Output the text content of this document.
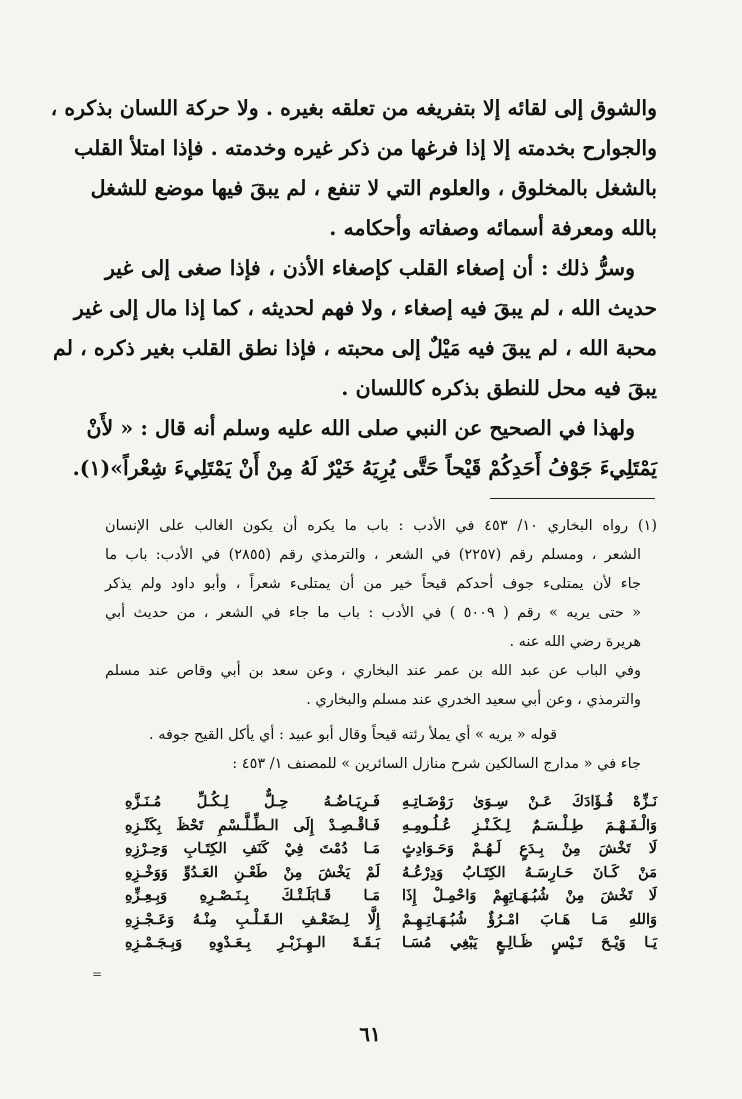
والشوق إلى لقائه إلا بتفريغه من تعلقه بغيره . ولا حركة اللسان بذكره ،
والجوارح بخدمته إلا إذا فرغها من ذكر غيره وخدمته . فإذا امتلأ القلب
بالشغل بالمخلوق ، والعلوم التي لا تنفع ، لم يبقَ فيها موضع للشغل
بالله ومعرفة أسمائه وصفاته وأحكامه .
وسرُّ ذلك : أن إصغاء القلب كإصغاء الأذن ، فإذا صغى إلى غير
حديث الله ، لم يبقَ فيه إصغاء ، ولا فهم لحديثه ، كما إذا مال إلى غير
محبة الله ، لم يبقَ فيه مَيْلٌ إلى محبته ، فإذا نطق القلب بغير ذكره ، لم
يبقَ فيه محل للنطق بذكره كاللسان .
ولهذا في الصحيح عن النبي صلى الله عليه وسلم أنه قال : « لأَنْ
يَمْتَلِيءَ جَوْفُ أَحَدِكُمْ قَيْحاً حَتَّى يُرِيَهُ خَيْرٌ لَهُ مِنْ أَنْ يَمْتَلِيءَ شِعْراً»(١).
(١) رواه البخاري ١٠/ ٤٥٣ في الأدب : باب ما يكره أن يكون الغالب على الإنسان
الشعر ، ومسلم رقم (٢٢٥٧) في الشعر ، والترمذي رقم (٢٨٥٥) في الأدب: باب ما
جاء لأن يمتلىء جوف أحدكم قيحاً خير من أن يمتلىء شعراً ، وأبو داود ولم يذكر
« حتى يريه » رقم ( ٥٠٠٩ ) في الأدب : باب ما جاء في الشعر ، من حديث أبي
هريرة رضي الله عنه .
وفي الباب عن عبد الله بن عمر عند البخاري ، وعن سعد بن أبي وقاص عند مسلم
والترمذي ، وعن أبي سعيد الخدري عند مسلم والبخاري .
قوله « يريه » أي يملأ رئته قيحاً وقال أبو عبيد : أي يأكل القيح جوفه .
جاء في « مدارج السالكين شرح منازل السائرين » للمصنف ١/ ٤٥٣ :
نَـزِّهْ فُـؤَادَكَ عَـنْ سِـوَىٰ رَوْضَـاتِـهِ
فَـرِيَـاضُـهُ حِـلٌّ لِـكُـلِّ مُـنَـزَّهِ
وَالْـفَـهْـمَ طِـلْـسَـمٌ لِـكَـنْـزِ عُـلُـومِـهِ
فَـاقْـصِـدْ إِلَى الـطِّـلَّـسْمِ تَحْظَ بِكَنْـزِهِ
لَا تَخْشَ مِنْ بِـدَعٍ لَـهُـمْ وَحَـوَادِثٍ
مَـا دُمْتَ فِيْ كَنَفِ الكِتَـابِ وَحِـرْزِهِ
مَنْ كَـانَ حَـارِسَـهُ الكِتَـابُ وَدِرْعُـهُ
لَمْ يَخْشَ مِنْ طَعْـنِ العَـدُوِّ وَوَخْـزِهِ
لَا تَخْشَ مِنْ شُبُـهَـاتِهِمْ وَاحْمِـلْ إِذَا
مَـا قَـابَلَـتْـكَ بِـنَـصْـرِهِ وَبِـعِـزِّهِ
وَاللهِ مَـا هَـابَ امْـرُؤٌ شُبُـهَـاتِـهِـمْ
إِلَّا لِـضَعْـفِ الـقَـلْـبِ مِنْـهُ وَعَـجْـزِهِ
يَـا وَيْـحَ تَـيْسٍ ظَـالِـعٍ يَبْغِي مُسَـا
بَـقَـةَ الـهِـزَبْـرِ بِـعَـدْوِهِ وَبِـجَـمْـزِهِ
=
٦١
